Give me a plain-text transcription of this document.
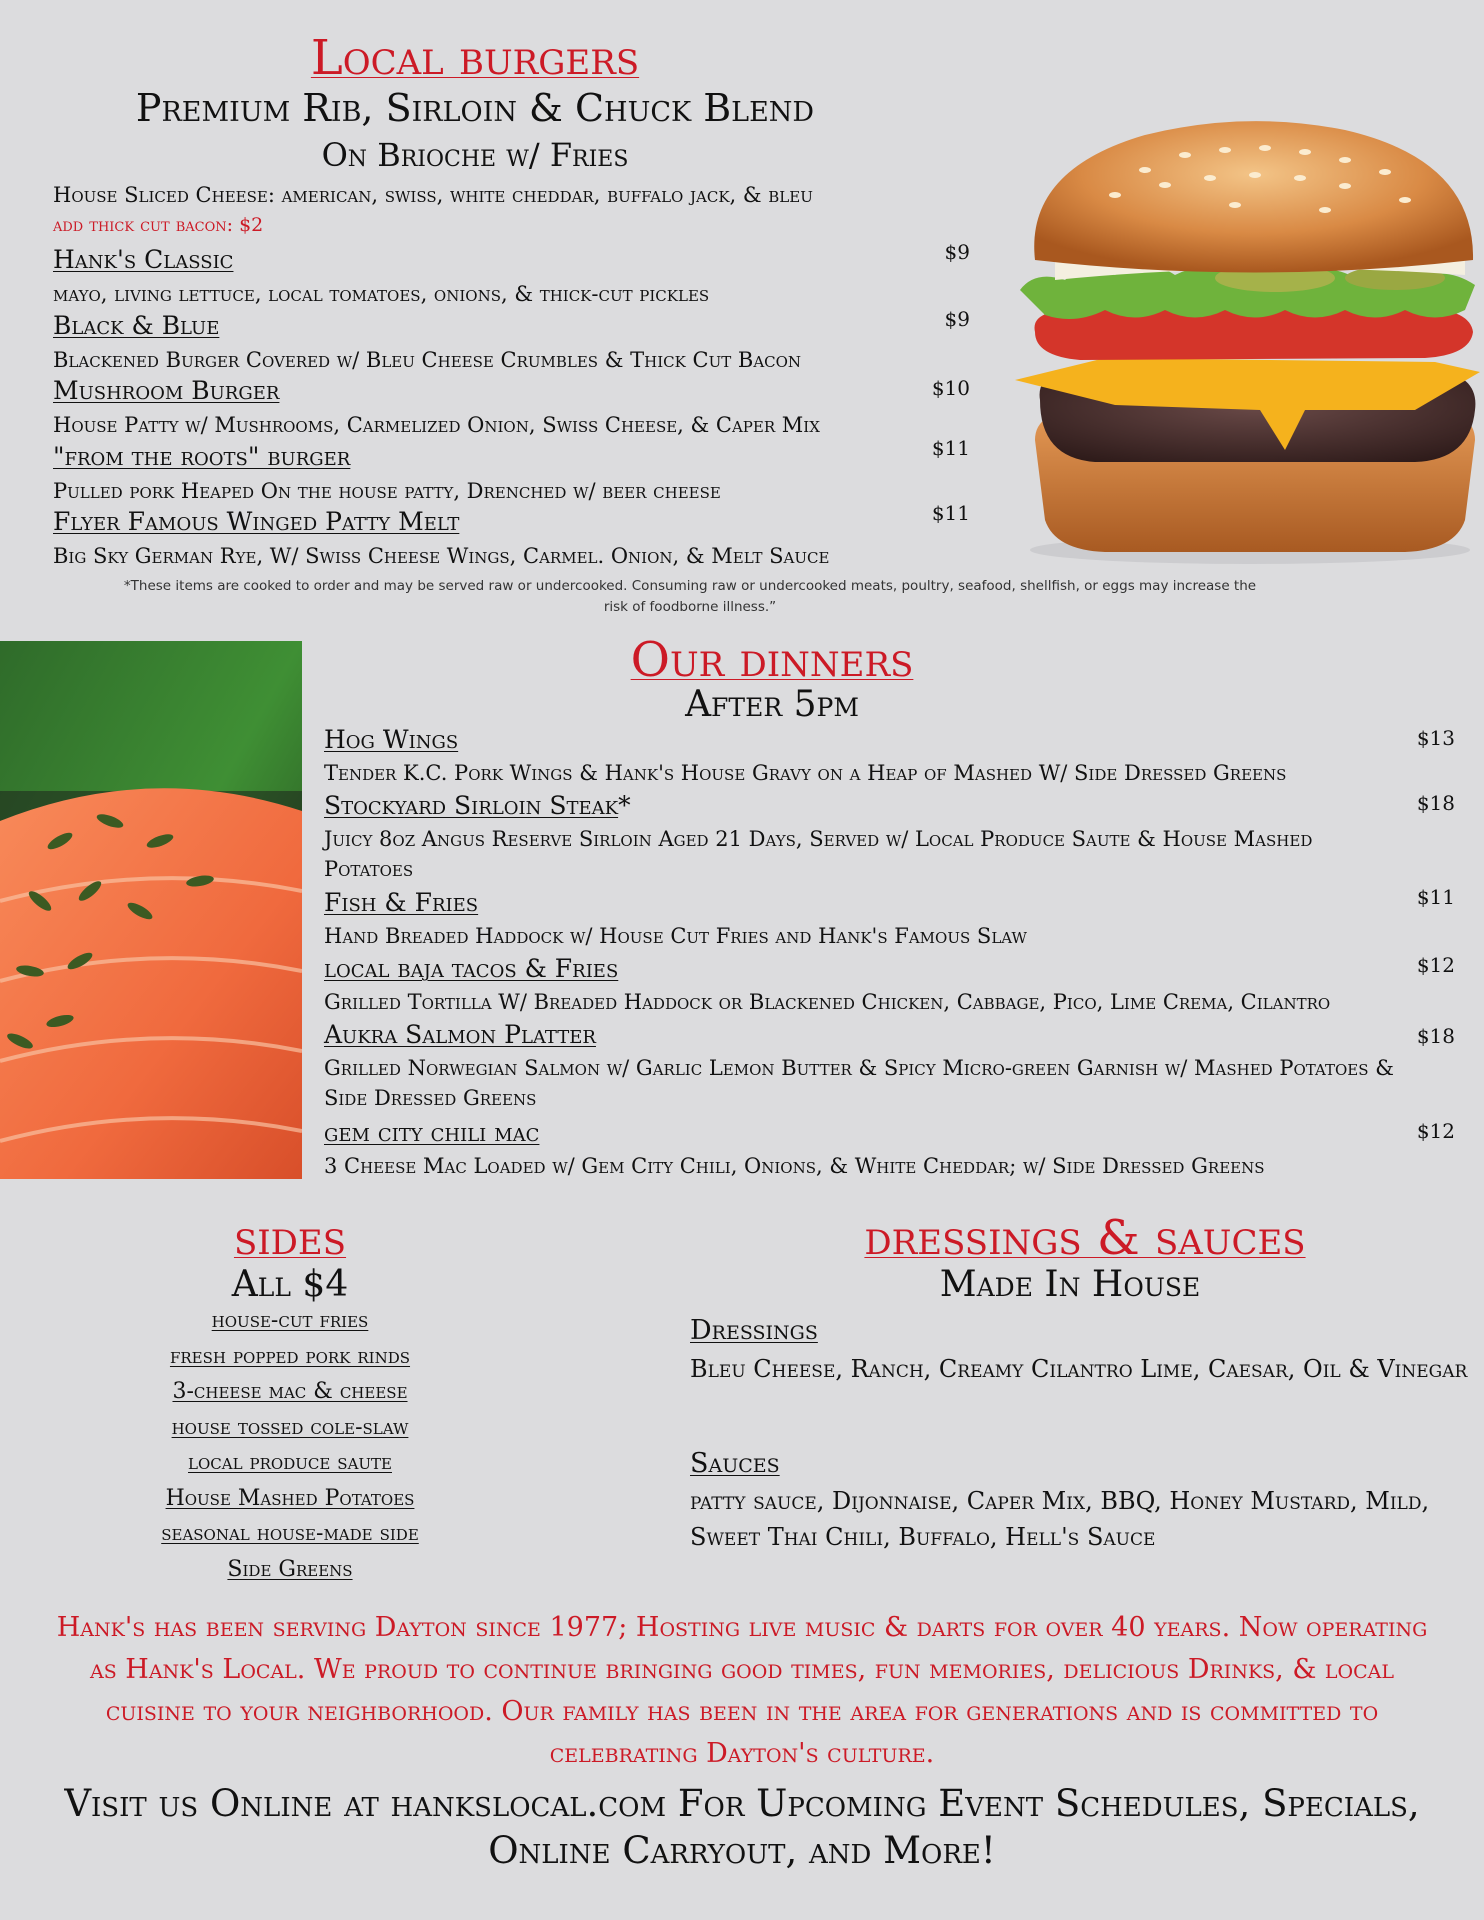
Local burgers
Premium Rib, Sirloin & Chuck Blend
On Brioche w/ Fries
House Sliced Cheese: american, swiss, white cheddar, buffalo jack, & bleu
add thick cut bacon: $2
Hank's Classic
mayo, living lettuce, local tomatoes, onions, & thick-cut pickles
$9
Black & Blue
Blackened Burger Covered w/ Bleu Cheese Crumbles & Thick Cut Bacon
$9
Mushroom Burger
House Patty w/ Mushrooms, Carmelized Onion, Swiss Cheese, & Caper Mix
$10
"from the roots" burger
Pulled pork Heaped On the house patty, Drenched w/ beer cheese
$11
Flyer Famous Winged Patty Melt
Big Sky German Rye, W/ Swiss Cheese Wings, Carmel. Onion, & Melt Sauce
$11
*These items are cooked to order and may be served raw or undercooked. Consuming raw or undercooked meats, poultry, seafood, shellfish, or eggs may increase the risk of foodborne illness.”
Our dinners
After 5pm
Hog Wings
Tender K.C. Pork Wings & Hank's House Gravy on a Heap of Mashed W/ Side Dressed Greens
$13
Stockyard Sirloin Steak*
Juicy 8oz Angus Reserve Sirloin Aged 21 Days, Served w/ Local Produce Saute & House Mashed Potatoes
$18
Fish & Fries
Hand Breaded Haddock w/ House Cut Fries and Hank's Famous Slaw
$11
local baja tacos & Fries
Grilled Tortilla W/ Breaded Haddock or Blackened Chicken, Cabbage, Pico, Lime Crema, Cilantro
$12
Aukra Salmon Platter
Grilled Norwegian Salmon w/ Garlic Lemon Butter & Spicy Micro-green Garnish w/ Mashed Potatoes & Side Dressed Greens
$18
gem city chili mac
3 Cheese Mac Loaded w/ Gem City Chili, Onions, & White Cheddar; w/ Side Dressed Greens
$12
sides
All $4
house-cut fries
fresh popped pork rinds
3-cheese mac & cheese
house tossed cole-slaw
local produce saute
House Mashed Potatoes
seasonal house-made side
Side Greens
dressings & sauces
Made In House
Dressings
Bleu Cheese, Ranch, Creamy Cilantro Lime, Caesar, Oil & Vinegar
Sauces
patty sauce, Dijonnaise, Caper Mix, BBQ, Honey Mustard, Mild, Sweet Thai Chili, Buffalo, Hell's Sauce
Hank's has been serving Dayton since 1977; Hosting live music & darts for over 40 years. Now operating as Hank's Local. We proud to continue bringing good times, fun memories, delicious Drinks, & local cuisine to your neighborhood. Our family has been in the area for generations and is committed to celebrating Dayton's culture.
Visit us Online at hankslocal.com For Upcoming Event Schedules, Specials, Online Carryout, and More!
